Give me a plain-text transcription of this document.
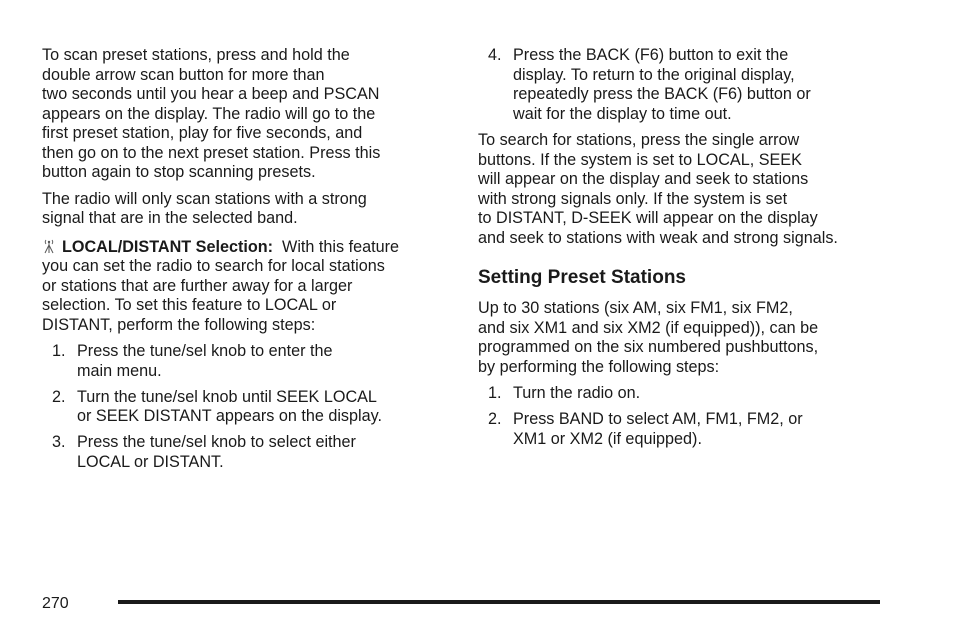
To scan preset stations, press and hold the
double arrow scan button for more than
two seconds until you hear a beep and PSCAN
appears on the display. The radio will go to the
first preset station, play for five seconds, and
then go on to the next preset station. Press this
button again to stop scanning presets.

The radio will only scan stations with a strong
signal that are in the selected band.

LOCAL/DISTANT Selection: With this feature
you can set the radio to search for local stations
or stations that are further away for a larger
selection. To set this feature to LOCAL or
DISTANT, perform the following steps:

1. Press the tune/sel knob to enter the
main menu.
2. Turn the tune/sel knob until SEEK LOCAL
or SEEK DISTANT appears on the display.
3. Press the tune/sel knob to select either
LOCAL or DISTANT.
4. Press the BACK (F6) button to exit the
display. To return to the original display,
repeatedly press the BACK (F6) button or
wait for the display to time out.

To search for stations, press the single arrow
buttons. If the system is set to LOCAL, SEEK
will appear on the display and seek to stations
with strong signals only. If the system is set
to DISTANT, D-SEEK will appear on the display
and seek to stations with weak and strong signals.

Setting Preset Stations

Up to 30 stations (six AM, six FM1, six FM2,
and six XM1 and six XM2 (if equipped)), can be
programmed on the six numbered pushbuttons,
by performing the following steps:

1. Turn the radio on.
2. Press BAND to select AM, FM1, FM2, or
XM1 or XM2 (if equipped).
270
